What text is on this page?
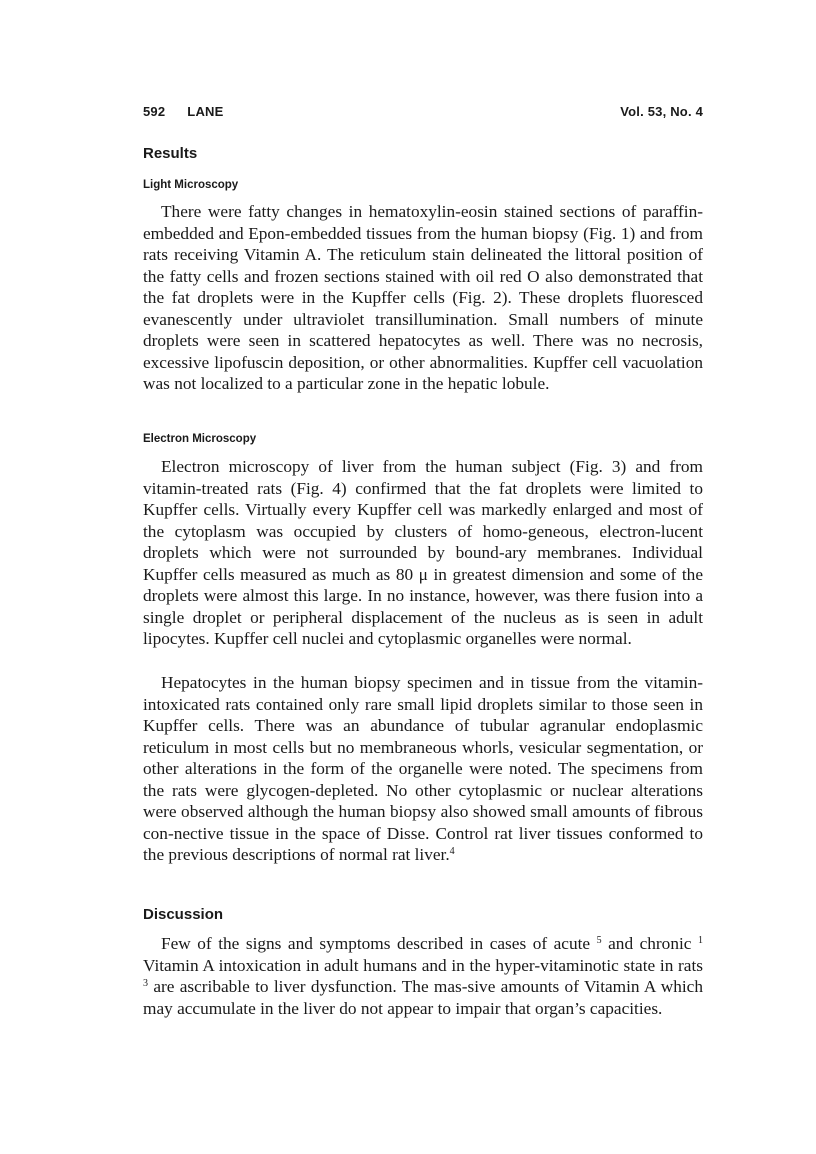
592 LANE	Vol. 53, No. 4
Results
Light Microscopy

There were fatty changes in hematoxylin-eosin stained sections of paraffin-embedded and Epon-embedded tissues from the human biopsy (Fig. 1) and from rats receiving Vitamin A. The reticulum stain delineated the littoral position of the fatty cells and frozen sections stained with oil red O also demonstrated that the fat droplets were in the Kupffer cells (Fig. 2). These droplets fluoresced evanescently under ultraviolet transillumination. Small numbers of minute droplets were seen in scattered hepatocytes as well. There was no necrosis, excessive lipofuscin deposition, or other abnormalities. Kupffer cell vacuolation was not localized to a particular zone in the hepatic lobule.

Electron Microscopy

Electron microscopy of liver from the human subject (Fig. 3) and from vitamin-treated rats (Fig. 4) confirmed that the fat droplets were limited to Kupffer cells. Virtually every Kupffer cell was markedly enlarged and most of the cytoplasm was occupied by clusters of homo-geneous, electron-lucent droplets which were not surrounded by bound-ary membranes. Individual Kupffer cells measured as much as 80 μ in greatest dimension and some of the droplets were almost this large. In no instance, however, was there fusion into a single droplet or peripheral displacement of the nucleus as is seen in adult lipocytes. Kupffer cell nuclei and cytoplasmic organelles were normal.

Hepatocytes in the human biopsy specimen and in tissue from the vitamin-intoxicated rats contained only rare small lipid droplets similar to those seen in Kupffer cells. There was an abundance of tubular agranular endoplasmic reticulum in most cells but no membraneous whorls, vesicular segmentation, or other alterations in the form of the organelle were noted. The specimens from the rats were glycogen-depleted. No other cytoplasmic or nuclear alterations were observed although the human biopsy also showed small amounts of fibrous con-nective tissue in the space of Disse. Control rat liver tissues conformed to the previous descriptions of normal rat liver.$^4$

Discussion

Few of the signs and symptoms described in cases of acute $^5$ and chronic $^1$ Vitamin A intoxication in adult humans and in the hyper-vitaminotic state in rats $^3$ are ascribable to liver dysfunction. The mas-sive amounts of Vitamin A which may accumulate in the liver do not appear to impair that organ’s capacities.
